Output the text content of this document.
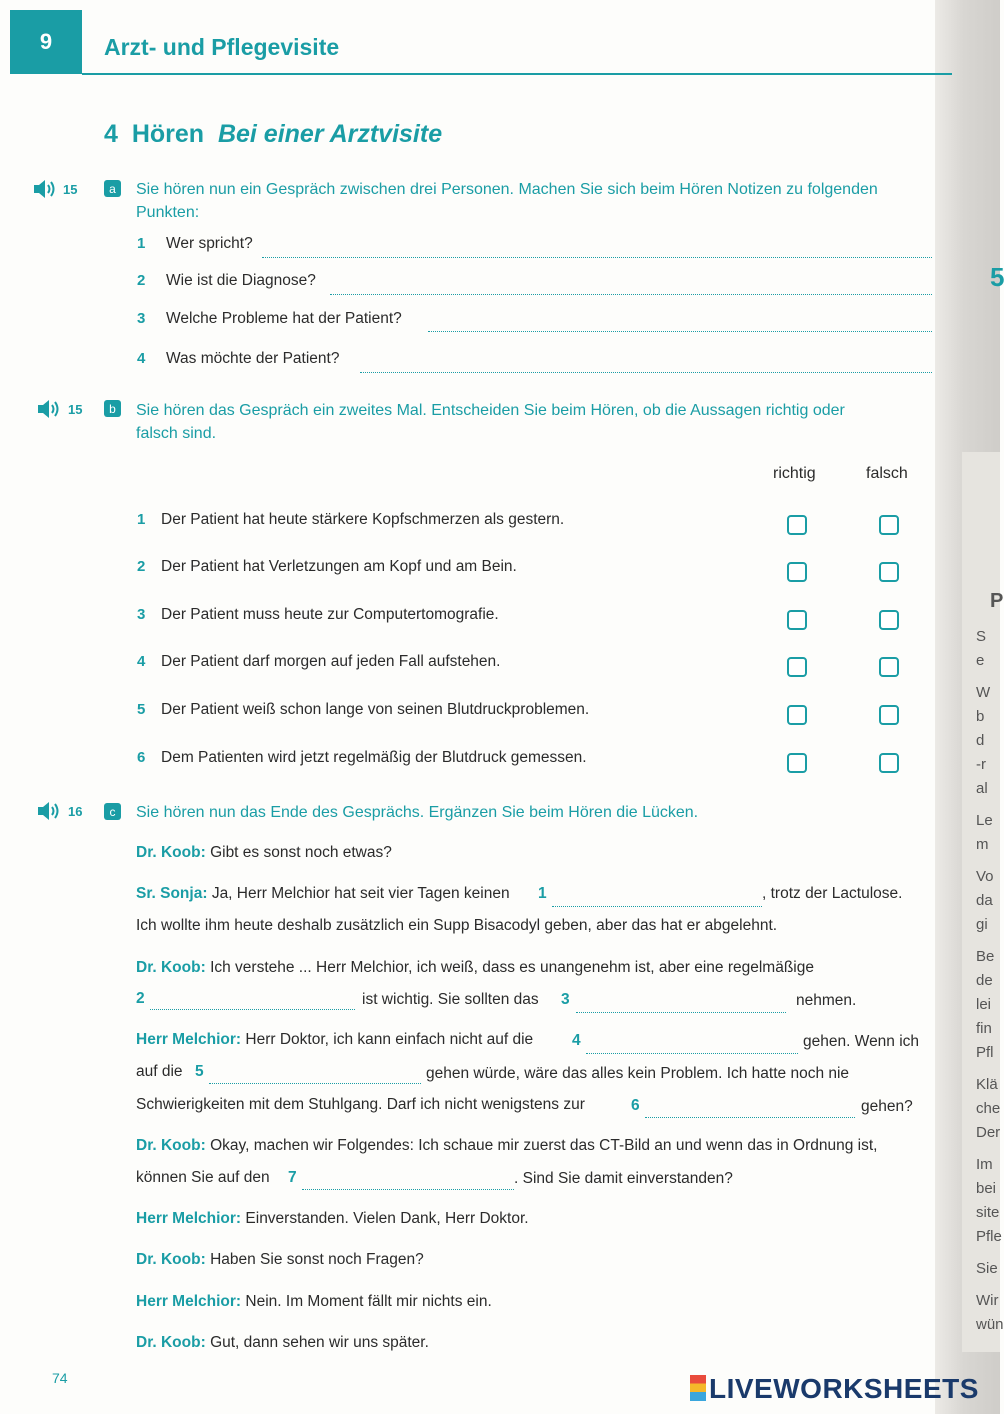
5
P
S
e
W
b
d
-r
al
Le
m
Vo
da
gi
Be
de
lei
fin
Pfl
Klä
che
Der
Im
bei
site
Pfle
Sie
Wir
wün
9	Arzt- und Pflegevisite
4 Hören Bei einer Arztvisite
15	a	Sie hören nun ein Gespräch zwischen drei Personen. Machen Sie sich beim Hören Notizen zu folgenden
Punkten:
1 Wer spricht?
2 Wie ist die Diagnose?
3 Welche Probleme hat der Patient?
4 Was möchte der Patient?
15	b	Sie hören das Gespräch ein zweites Mal. Entscheiden Sie beim Hören, ob die Aussagen richtig oder
falsch sind.
richtig	falsch
1 Der Patient hat heute stärkere Kopfschmerzen als gestern.
2 Der Patient hat Verletzungen am Kopf und am Bein.
3 Der Patient muss heute zur Computertomografie.
4 Der Patient darf morgen auf jeden Fall aufstehen.
5 Der Patient weiß schon lange von seinen Blutdruckproblemen.
6 Dem Patienten wird jetzt regelmäßig der Blutdruck gemessen.
16	c	Sie hören nun das Ende des Gesprächs. Ergänzen Sie beim Hören die Lücken.
Dr. Koob: Gibt es sonst noch etwas?
Sr. Sonja: Ja, Herr Melchior hat seit vier Tagen keinen 1	, trotz der Lactulose.
Ich wollte ihm heute deshalb zusätzlich ein Supp Bisacodyl geben, aber das hat er abgelehnt.
Dr. Koob: Ich verstehe ... Herr Melchior, ich weiß, dass es unangenehm ist, aber eine regelmäßige
2	ist wichtig. Sie sollten das 3	nehmen.
Herr Melchior: Herr Doktor, ich kann einfach nicht auf die	4	gehen. Wenn ich
auf die 5	gehen würde, wäre das alles kein Problem. Ich hatte noch nie
Schwierigkeiten mit dem Stuhlgang. Darf ich nicht wenigstens zur	6	gehen?
Dr. Koob: Okay, machen wir Folgendes: Ich schaue mir zuerst das CT-Bild an und wenn das in Ordnung ist,
können Sie auf den 7	. Sind Sie damit einverstanden?
Herr Melchior: Einverstanden. Vielen Dank, Herr Doktor.
Dr. Koob: Haben Sie sonst noch Fragen?
Herr Melchior: Nein. Im Moment fällt mir nichts ein.
Dr. Koob: Gut, dann sehen wir uns später.
74	LIVEWORKSHEETS
